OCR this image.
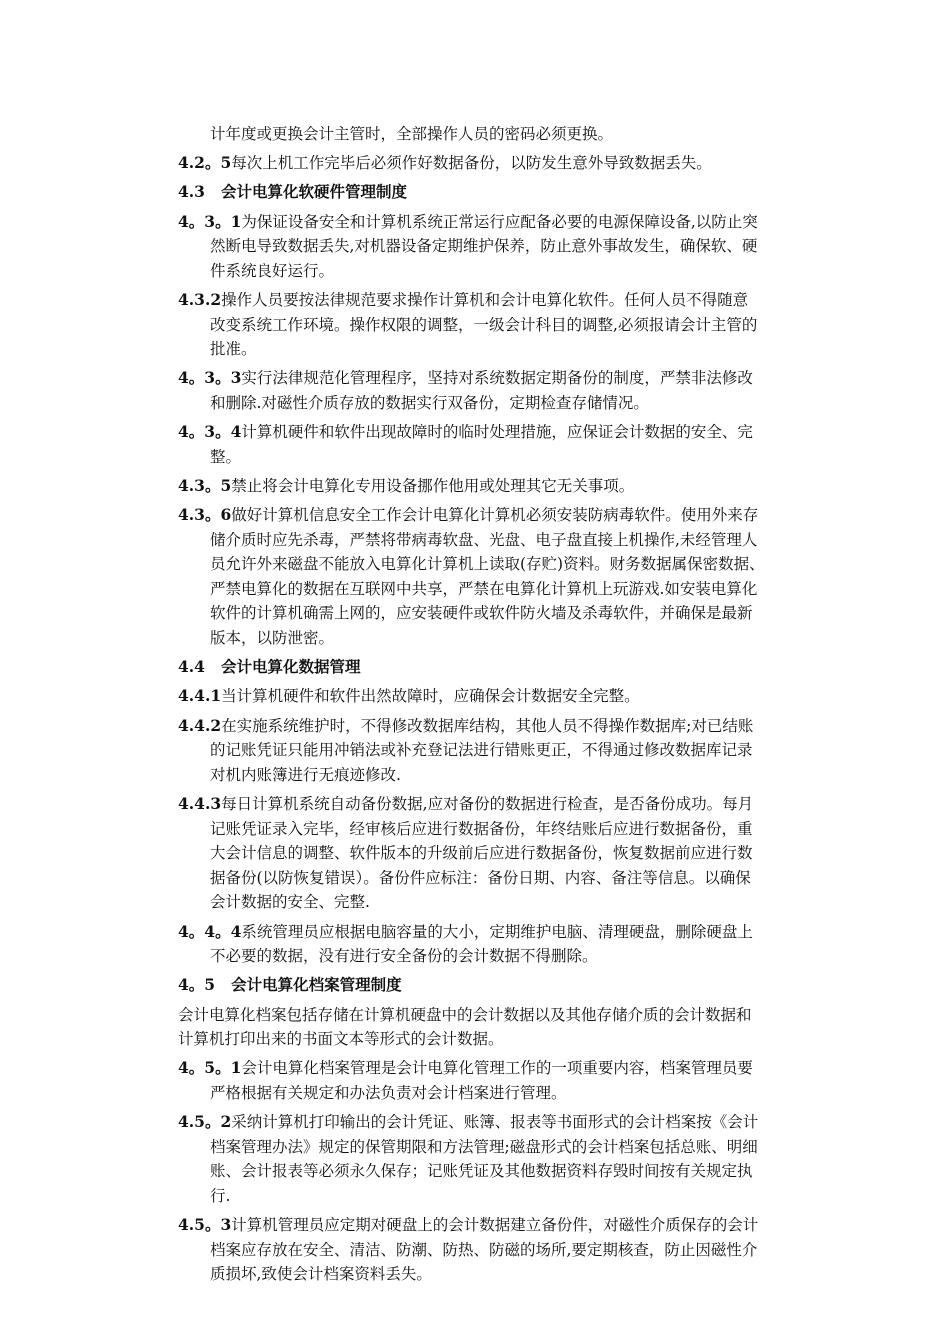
计年度或更换会计主管时，全部操作人员的密码必须更换。
4.2。5每次上机工作完毕后必须作好数据备份，以防发生意外导致数据丢失。
4.3 会计电算化软硬件管理制度
4。3。1为保证设备安全和计算机系统正常运行应配备必要的电源保障设备,以防止突
然断电导致数据丢失,对机器设备定期维护保养，防止意外事故发生，确保软、硬
件系统良好运行。
4.3.2操作人员要按法律规范要求操作计算机和会计电算化软件。任何人员不得随意
改变系统工作环境。操作权限的调整，一级会计科目的调整,必须报请会计主管的
批准。
4。3。3实行法律规范化管理程序，坚持对系统数据定期备份的制度，严禁非法修改
和删除.对磁性介质存放的数据实行双备份，定期检查存储情况。
4。3。4计算机硬件和软件出现故障时的临时处理措施，应保证会计数据的安全、完
整。
4.3。5禁止将会计电算化专用设备挪作他用或处理其它无关事项。
4.3。6做好计算机信息安全工作会计电算化计算机必须安装防病毒软件。使用外来存
储介质时应先杀毒，严禁将带病毒软盘、光盘、电子盘直接上机操作,未经管理人
员允许外来磁盘不能放入电算化计算机上读取(存贮)资料。财务数据属保密数据、
严禁电算化的数据在互联网中共享，严禁在电算化计算机上玩游戏.如安装电算化
软件的计算机确需上网的，应安装硬件或软件防火墙及杀毒软件，并确保是最新
版本，以防泄密。
4.4 会计电算化数据管理
4.4.1当计算机硬件和软件出然故障时，应确保会计数据安全完整。
4.4.2在实施系统维护时，不得修改数据库结构，其他人员不得操作数据库;对已结账
的记账凭证只能用冲销法或补充登记法进行错账更正，不得通过修改数据库记录
对机内账簿进行无痕迹修改.
4.4.3每日计算机系统自动备份数据,应对备份的数据进行检查，是否备份成功。每月
记账凭证录入完毕，经审核后应进行数据备份，年终结账后应进行数据备份，重
大会计信息的调整、软件版本的升级前后应进行数据备份，恢复数据前应进行数
据备份(以防恢复错误）。备份件应标注：备份日期、内容、备注等信息。以确保
会计数据的安全、完整.
4。4。4系统管理员应根据电脑容量的大小，定期维护电脑、清理硬盘，删除硬盘上
不必要的数据，没有进行安全备份的会计数据不得删除。
4。5 会计电算化档案管理制度
会计电算化档案包括存储在计算机硬盘中的会计数据以及其他存储介质的会计数据和
计算机打印出来的书面文本等形式的会计数据。
4。5。1会计电算化档案管理是会计电算化管理工作的一项重要内容，档案管理员要
严格根据有关规定和办法负责对会计档案进行管理。
4.5。2采纳计算机打印输出的会计凭证、账簿、报表等书面形式的会计档案按《会计
档案管理办法》规定的保管期限和方法管理;磁盘形式的会计档案包括总账、明细
账、会计报表等必须永久保存；记账凭证及其他数据资料存毁时间按有关规定执
行.
4.5。3计算机管理员应定期对硬盘上的会计数据建立备份件，对磁性介质保存的会计
档案应存放在安全、清洁、防潮、防热、防磁的场所,要定期核查，防止因磁性介
质损坏,致使会计档案资料丢失。
